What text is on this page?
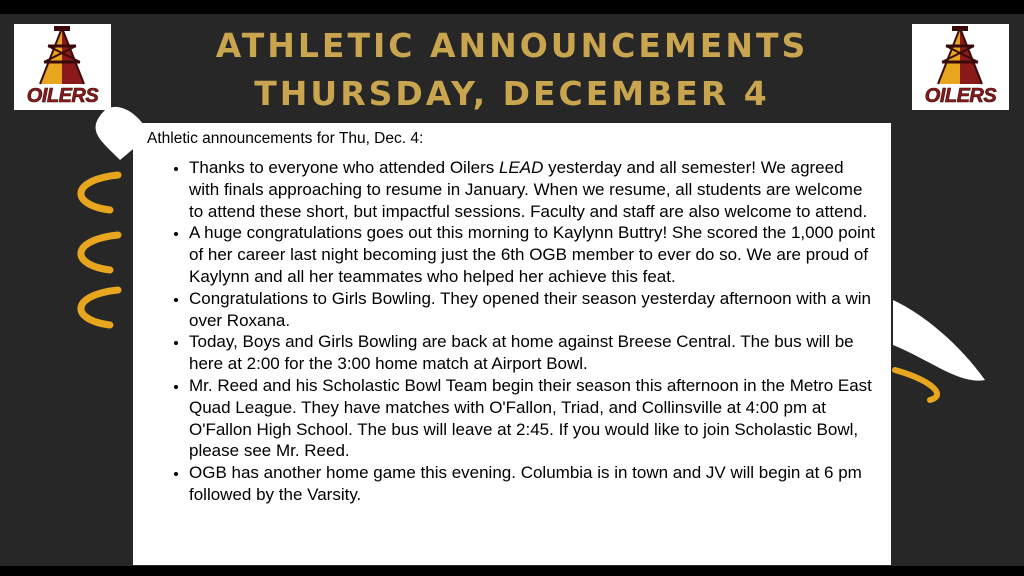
OILERS	OILERS
ATHLETIC ANNOUNCEMENTS
THURSDAY, DECEMBER 4

Athletic announcements for Thu, Dec. 4:

• Thanks to everyone who attended Oilers LEAD yesterday and all semester! We agreed with finals approaching to resume in January. When we resume, all students are welcome to attend these short, but impactful sessions. Faculty and staff are also welcome to attend.
• A huge congratulations goes out this morning to Kaylynn Buttry! She scored the 1,000 point of her career last night becoming just the 6th OGB member to ever do so. We are proud of Kaylynn and all her teammates who helped her achieve this feat.
• Congratulations to Girls Bowling. They opened their season yesterday afternoon with a win over Roxana.
• Today, Boys and Girls Bowling are back at home against Breese Central. The bus will be here at 2:00 for the 3:00 home match at Airport Bowl.
• Mr. Reed and his Scholastic Bowl Team begin their season this afternoon in the Metro East Quad League. They have matches with O'Fallon, Triad, and Collinsville at 4:00 pm at O'Fallon High School. The bus will leave at 2:45. If you would like to join Scholastic Bowl, please see Mr. Reed.
• OGB has another home game this evening. Columbia is in town and JV will begin at 6 pm followed by the Varsity.
